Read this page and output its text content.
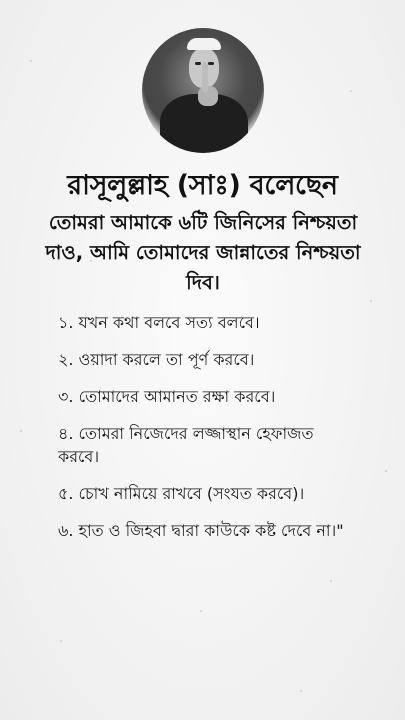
রাসূলুল্লাহ (সাঃ) বলেছেন
তোমরা আমাকে ৬টি জিনিসের নিশ্চয়তা দাও, আমি তোমাদের জান্নাতের নিশ্চয়তা দিব।
১. যখন কথা বলবে সত্য বলবে।
২. ওয়াদা করলে তা পূর্ণ করবে।
৩. তোমাদের আমানত রক্ষা করবে।
৪. তোমরা নিজেদের লজ্জাস্থান হেফাজত করবে।
৫. চোখ নামিয়ে রাখবে (সংযত করবে)।
৬. হাত ও জিহবা দ্বারা কাউকে কষ্ট দেবে না।"
